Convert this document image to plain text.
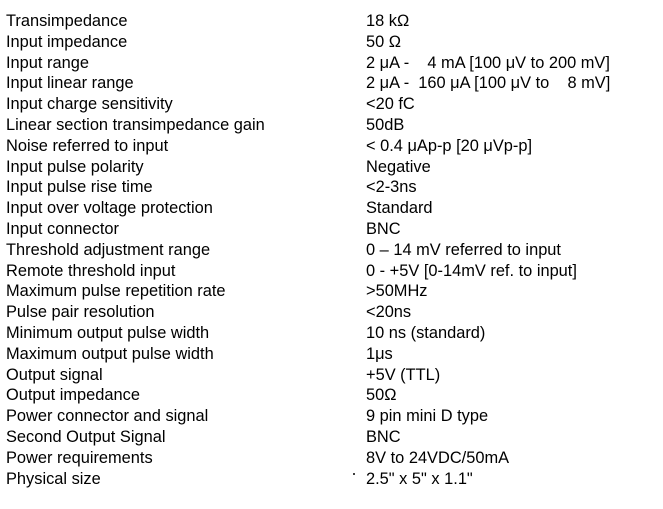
Transimpedance	18 kΩ
Input impedance	50 Ω
Input range	2 μA -    4 mA [100 μV to 200 mV]
Input linear range	2 μA -  160 μA [100 μV to    8 mV]
Input charge sensitivity	<20 fC
Linear section transimpedance gain	50dB
Noise referred to input	< 0.4 μAp-p [20 μVp-p]
Input pulse polarity	Negative
Input pulse rise time	<2-3ns
Input over voltage protection	Standard
Input connector	BNC
Threshold adjustment range	0 – 14 mV referred to input
Remote threshold input	0 - +5V [0-14mV ref. to input]
Maximum pulse repetition rate	>50MHz
Pulse pair resolution	<20ns
Minimum output pulse width	10 ns (standard)
Maximum output pulse width	1μs
Output signal	+5V (TTL)
Output impedance	50Ω
Power connector and signal	9 pin mini D type
Second Output Signal	BNC
Power requirements	8V to 24VDC/50mA
Physical size	2.5" x 5" x 1.1"
